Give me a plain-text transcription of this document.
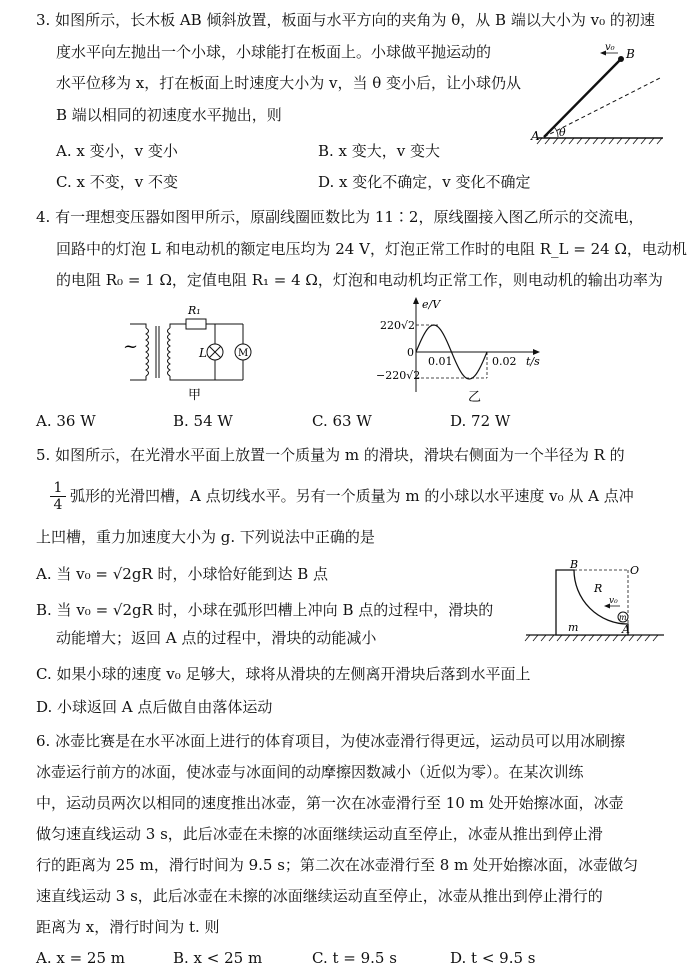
3. 如图所示，长木板 AB 倾斜放置，板面与水平方向的夹角为 θ，从 B 端以大小为 v₀ 的初速
度水平向左抛出一个小球，小球能打在板面上。小球做平抛运动的
水平位移为 x，打在板面上时速度大小为 v，当 θ 变小后，让小球仍从
B 端以相同的初速度水平抛出，则
A. x 变小，v 变小	B. x 变大，v 变大
C. x 不变，v 不变	D. x 变化不确定，v 变化不确定
v₀ B
A θ
4. 有一理想变压器如图甲所示，原副线圈匝数比为 11∶2，原线圈接入图乙所示的交流电，
回路中的灯泡 L 和电动机的额定电压均为 24 V，灯泡正常工作时的电阻 R_L = 24 Ω，电动机
的电阻 R₀ = 1 Ω，定值电阻 R₁ = 4 Ω，灯泡和电动机均正常工作，则电动机的输出功率为
~
R₁
L	M
甲
e/V
t/s
220√2
−220√2
0
0.01	0.02
乙
A. 36 W	B. 54 W	C. 63 W	D. 72 W
5. 如图所示，在光滑水平面上放置一个质量为 m 的滑块，滑块右侧面为一个半径为 R 的
$\frac{1}{4}$ 弧形的光滑凹槽，A 点切线水平。另有一个质量为 m 的小球以水平速度 v₀ 从 A 点冲
上凹槽，重力加速度大小为 g. 下列说法中正确的是
A. 当 v₀ = √2gR 时，小球恰好能到达 B 点
B. 当 v₀ = √2gR 时，小球在弧形凹槽上冲向 B 点的过程中，滑块的
动能增大；返回 A 点的过程中，滑块的动能减小
C. 如果小球的速度 v₀ 足够大，球将从滑块的左侧离开滑块后落到水平面上
D. 小球返回 A 点后做自由落体运动
B	O
R
v₀
m
m	A
6. 冰壶比赛是在水平冰面上进行的体育项目，为使冰壶滑行得更远，运动员可以用冰刷擦
冰壶运行前方的冰面，使冰壶与冰面间的动摩擦因数减小（近似为零）。在某次训练
中，运动员两次以相同的速度推出冰壶，第一次在冰壶滑行至 10 m 处开始擦冰面，冰壶
做匀速直线运动 3 s，此后冰壶在未擦的冰面继续运动直至停止，冰壶从推出到停止滑
行的距离为 25 m，滑行时间为 9.5 s；第二次在冰壶滑行至 8 m 处开始擦冰面，冰壶做匀
速直线运动 3 s，此后冰壶在未擦的冰面继续运动直至停止，冰壶从推出到停止滑行的
距离为 x，滑行时间为 t. 则
A. x = 25 m	B. x < 25 m	C. t = 9.5 s	D. t < 9.5 s
